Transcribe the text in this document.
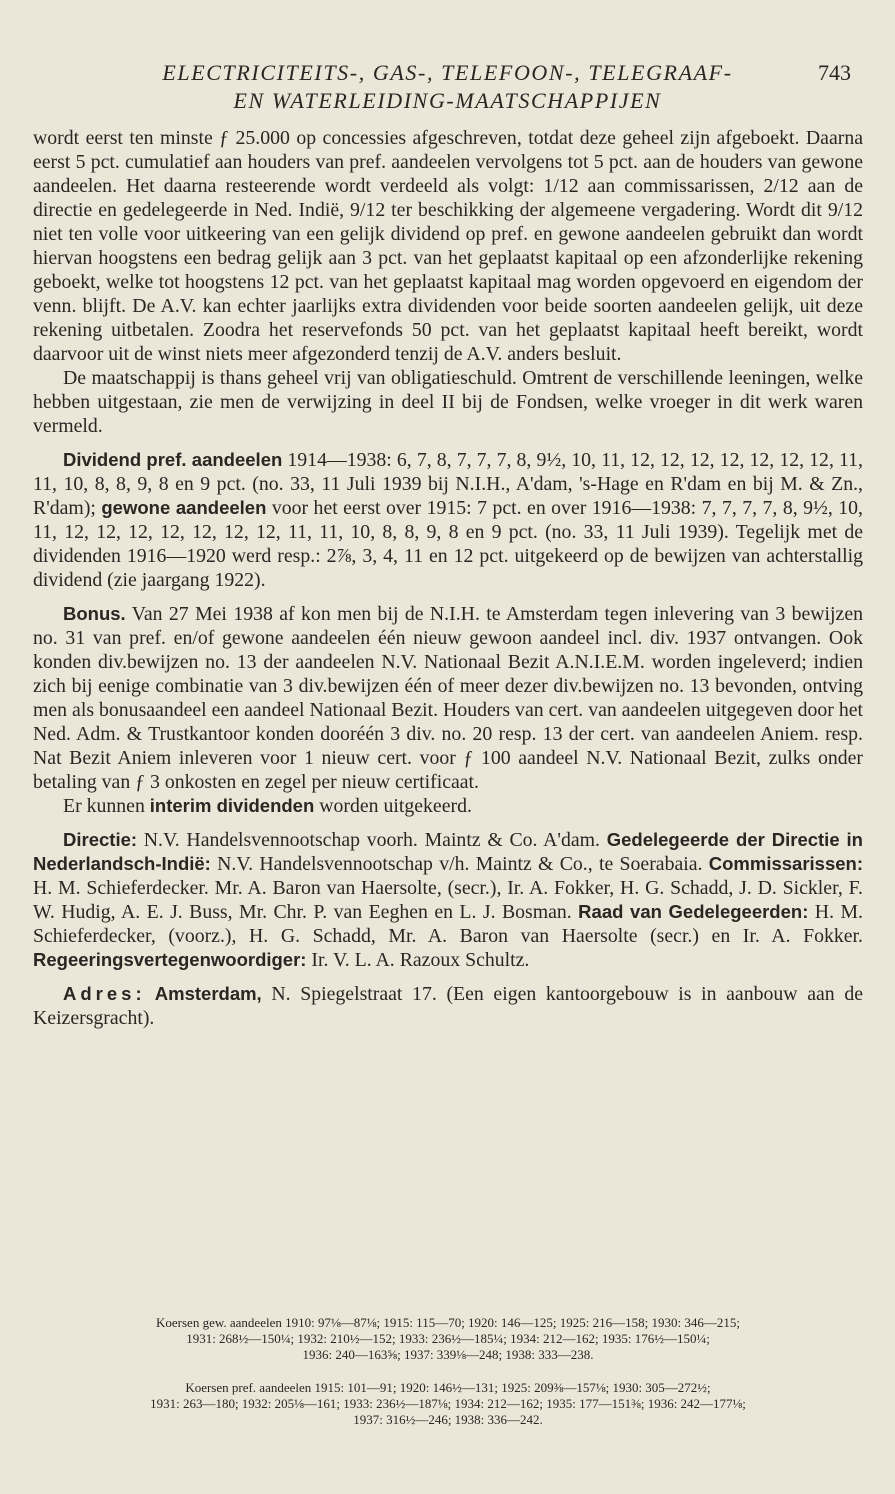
ELECTRICITEITS-, GAS-, TELEFOON-, TELEGRAAF-
EN WATERLEIDING-MAATSCHAPPIJEN
743

wordt eerst ten minste ƒ 25.000 op concessies afgeschreven, totdat deze geheel zijn afgeboekt. Daarna eerst 5 pct. cumulatief aan houders van pref. aandeelen vervolgens tot 5 pct. aan de houders van gewone aandeelen. Het daarna resteerende wordt verdeeld als volgt: 1/12 aan commissarissen, 2/12 aan de directie en gedelegeerde in Ned. Indië, 9/12 ter beschikking der algemeene vergadering. Wordt dit 9/12 niet ten volle voor uitkeering van een gelijk dividend op pref. en gewone aandeelen gebruikt dan wordt hiervan hoogstens een bedrag gelijk aan 3 pct. van het geplaatst kapitaal op een afzonderlijke rekening geboekt, welke tot hoogstens 12 pct. van het geplaatst kapitaal mag worden opgevoerd en eigendom der venn. blijft. De A.V. kan echter jaarlijks extra dividenden voor beide soorten aandeelen gelijk, uit deze rekening uitbetalen. Zoodra het reservefonds 50 pct. van het geplaatst kapitaal heeft bereikt, wordt daarvoor uit de winst niets meer afgezonderd tenzij de A.V. anders besluit.

De maatschappij is thans geheel vrij van obligatieschuld. Omtrent de verschillende leeningen, welke hebben uitgestaan, zie men de verwijzing in deel II bij de Fondsen, welke vroeger in dit werk waren vermeld.

Dividend pref. aandeelen 1914—1938: 6, 7, 8, 7, 7, 7, 8, 9½, 10, 11, 12, 12, 12, 12, 12, 12, 12, 11, 11, 10, 8, 8, 9, 8 en 9 pct. (no. 33, 11 Juli 1939 bij N.I.H., A'dam, 's-Hage en R'dam en bij M. & Zn., R'dam); gewone aandeelen voor het eerst over 1915: 7 pct. en over 1916—1938: 7, 7, 7, 7, 8, 9½, 10, 11, 12, 12, 12, 12, 12, 12, 12, 11, 11, 10, 8, 8, 9, 8 en 9 pct. (no. 33, 11 Juli 1939). Tegelijk met de dividenden 1916—1920 werd resp.: 2⅞, 3, 4, 11 en 12 pct. uitgekeerd op de bewijzen van achterstallig dividend (zie jaargang 1922).

Bonus. Van 27 Mei 1938 af kon men bij de N.I.H. te Amsterdam tegen inlevering van 3 bewijzen no. 31 van pref. en/of gewone aandeelen één nieuw gewoon aandeel incl. div. 1937 ontvangen. Ook konden div.bewijzen no. 13 der aandeelen N.V. Nationaal Bezit A.N.I.E.M. worden ingeleverd; indien zich bij eenige combinatie van 3 div.bewijzen één of meer dezer div.bewijzen no. 13 bevonden, ontving men als bonusaandeel een aandeel Nationaal Bezit. Houders van cert. van aandeelen uitgegeven door het Ned. Adm. & Trustkantoor konden dooréén 3 div. no. 20 resp. 13 der cert. van aandeelen Aniem. resp. Nat Bezit Aniem inleveren voor 1 nieuw cert. voor ƒ 100 aandeel N.V. Nationaal Bezit, zulks onder betaling van ƒ 3 onkosten en zegel per nieuw certificaat.

Er kunnen interim dividenden worden uitgekeerd.

Directie: N.V. Handelsvennootschap voorh. Maintz & Co. A'dam. Gedelegeerde der Directie in Nederlandsch-Indië: N.V. Handelsvennootschap v/h. Maintz & Co., te Soerabaia. Commissarissen: H. M. Schieferdecker. Mr. A. Baron van Haersolte, (secr.), Ir. A. Fokker, H. G. Schadd, J. D. Sickler, F. W. Hudig, A. E. J. Buss, Mr. Chr. P. van Eeghen en L. J. Bosman. Raad van Gedelegeerden: H. M. Schieferdecker, (voorz.), H. G. Schadd, Mr. A. Baron van Haersolte (secr.) en Ir. A. Fokker. Regeeringsvertegenwoordiger: Ir. V. L. A. Razoux Schultz.

Adres: Amsterdam, N. Spiegelstraat 17. (Een eigen kantoorgebouw is in aanbouw aan de Keizersgracht).

Koersen gew. aandeelen 1910: 97⅛—87⅛; 1915: 115—70; 1920: 146—125; 1925: 216—158; 1930: 346—215;
1931: 268½—150¼; 1932: 210½—152; 1933: 236½—185¼; 1934: 212—162; 1935: 176½—150¼;
1936: 240—163⅝; 1937: 339⅛—248; 1938: 333—238.
Koersen pref. aandeelen 1915: 101—91; 1920: 146½—131; 1925: 209⅜—157⅛; 1930: 305—272½;
1931: 263—180; 1932: 205⅛—161; 1933: 236½—187⅛; 1934: 212—162; 1935: 177—151⅜; 1936: 242—177⅛;
1937: 316½—246; 1938: 336—242.
